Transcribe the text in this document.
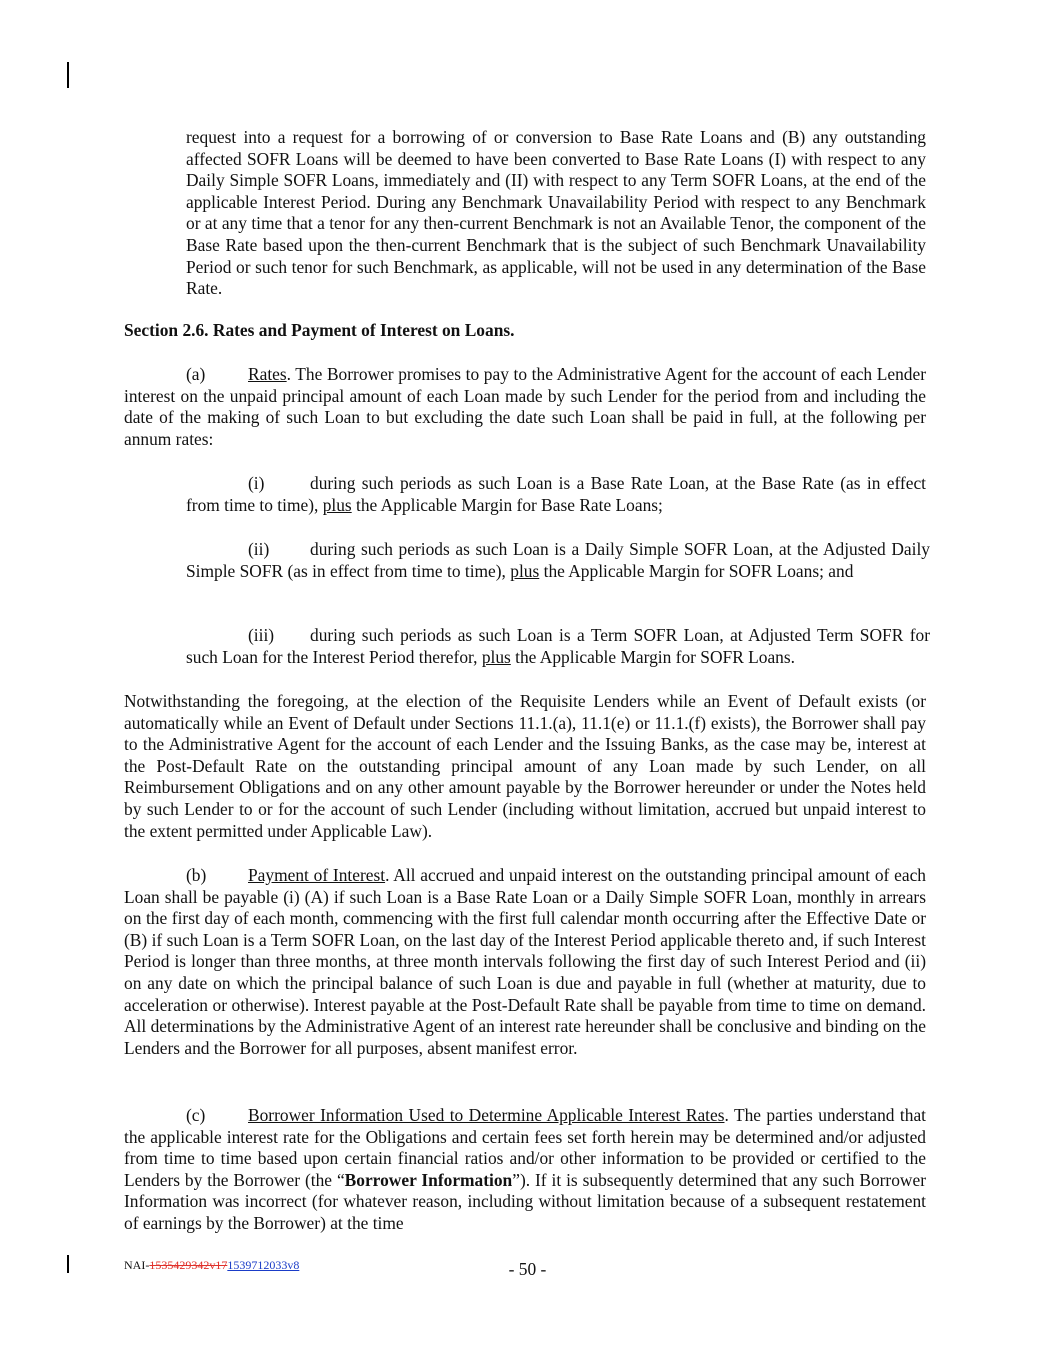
request into a request for a borrowing of or conversion to Base Rate Loans and (B) any outstanding affected SOFR Loans will be deemed to have been converted to Base Rate Loans (I) with respect to any Daily Simple SOFR Loans, immediately and (II) with respect to any Term SOFR Loans, at the end of the applicable Interest Period. During any Benchmark Unavailability Period with respect to any Benchmark or at any time that a tenor for any then-current Benchmark is not an Available Tenor, the component of the Base Rate based upon the then-current Benchmark that is the subject of such Benchmark Unavailability Period or such tenor for such Benchmark, as applicable, will not be used in any determination of the Base Rate.

Section 2.6. Rates and Payment of Interest on Loans.

(a) Rates. The Borrower promises to pay to the Administrative Agent for the account of each Lender interest on the unpaid principal amount of each Loan made by such Lender for the period from and including the date of the making of such Loan to but excluding the date such Loan shall be paid in full, at the following per annum rates:

(i)	during such periods as such Loan is a Base Rate Loan, at the Base Rate (as in effect from time to time), plus the Applicable Margin for Base Rate Loans;

(ii) during such periods as such Loan is a Daily Simple SOFR Loan, at the Adjusted Daily Simple SOFR (as in effect from time to time), plus the Applicable Margin for SOFR Loans; and

(iii) during such periods as such Loan is a Term SOFR Loan, at Adjusted Term SOFR for such Loan for the Interest Period therefor, plus the Applicable Margin for SOFR Loans.

Notwithstanding the foregoing, at the election of the Requisite Lenders while an Event of Default exists (or automatically while an Event of Default under Sections 11.1.(a), 11.1(e) or 11.1.(f) exists), the Borrower shall pay to the Administrative Agent for the account of each Lender and the Issuing Banks, as the case may be, interest at the Post-Default Rate on the outstanding principal amount of any Loan made by such Lender, on all Reimbursement Obligations and on any other amount payable by the Borrower hereunder or under the Notes held by such Lender to or for the account of such Lender (including without limitation, accrued but unpaid interest to the extent permitted under Applicable Law).

(b) Payment of Interest. All accrued and unpaid interest on the outstanding principal amount of each Loan shall be payable (i) (A) if such Loan is a Base Rate Loan or a Daily Simple SOFR Loan, monthly in arrears on the first day of each month, commencing with the first full calendar month occurring after the Effective Date or (B) if such Loan is a Term SOFR Loan, on the last day of the Interest Period applicable thereto and, if such Interest Period is longer than three months, at three month intervals following the first day of such Interest Period and (ii) on any date on which the principal balance of such Loan is due and payable in full (whether at maturity, due to acceleration or otherwise). Interest payable at the Post-Default Rate shall be payable from time to time on demand. All determinations by the Administrative Agent of an interest rate hereunder shall be conclusive and binding on the Lenders and the Borrower for all purposes, absent manifest error.

(c) Borrower Information Used to Determine Applicable Interest Rates. The parties understand that the applicable interest rate for the Obligations and certain fees set forth herein may be determined and/or adjusted from time to time based upon certain financial ratios and/or other information to be provided or certified to the Lenders by the Borrower (the “Borrower Information”). If it is subsequently determined that any such Borrower Information was incorrect (for whatever reason, including without limitation because of a subsequent restatement of earnings by the Borrower) at the time

NAI-1535429342v171539712033v8	- 50 -
